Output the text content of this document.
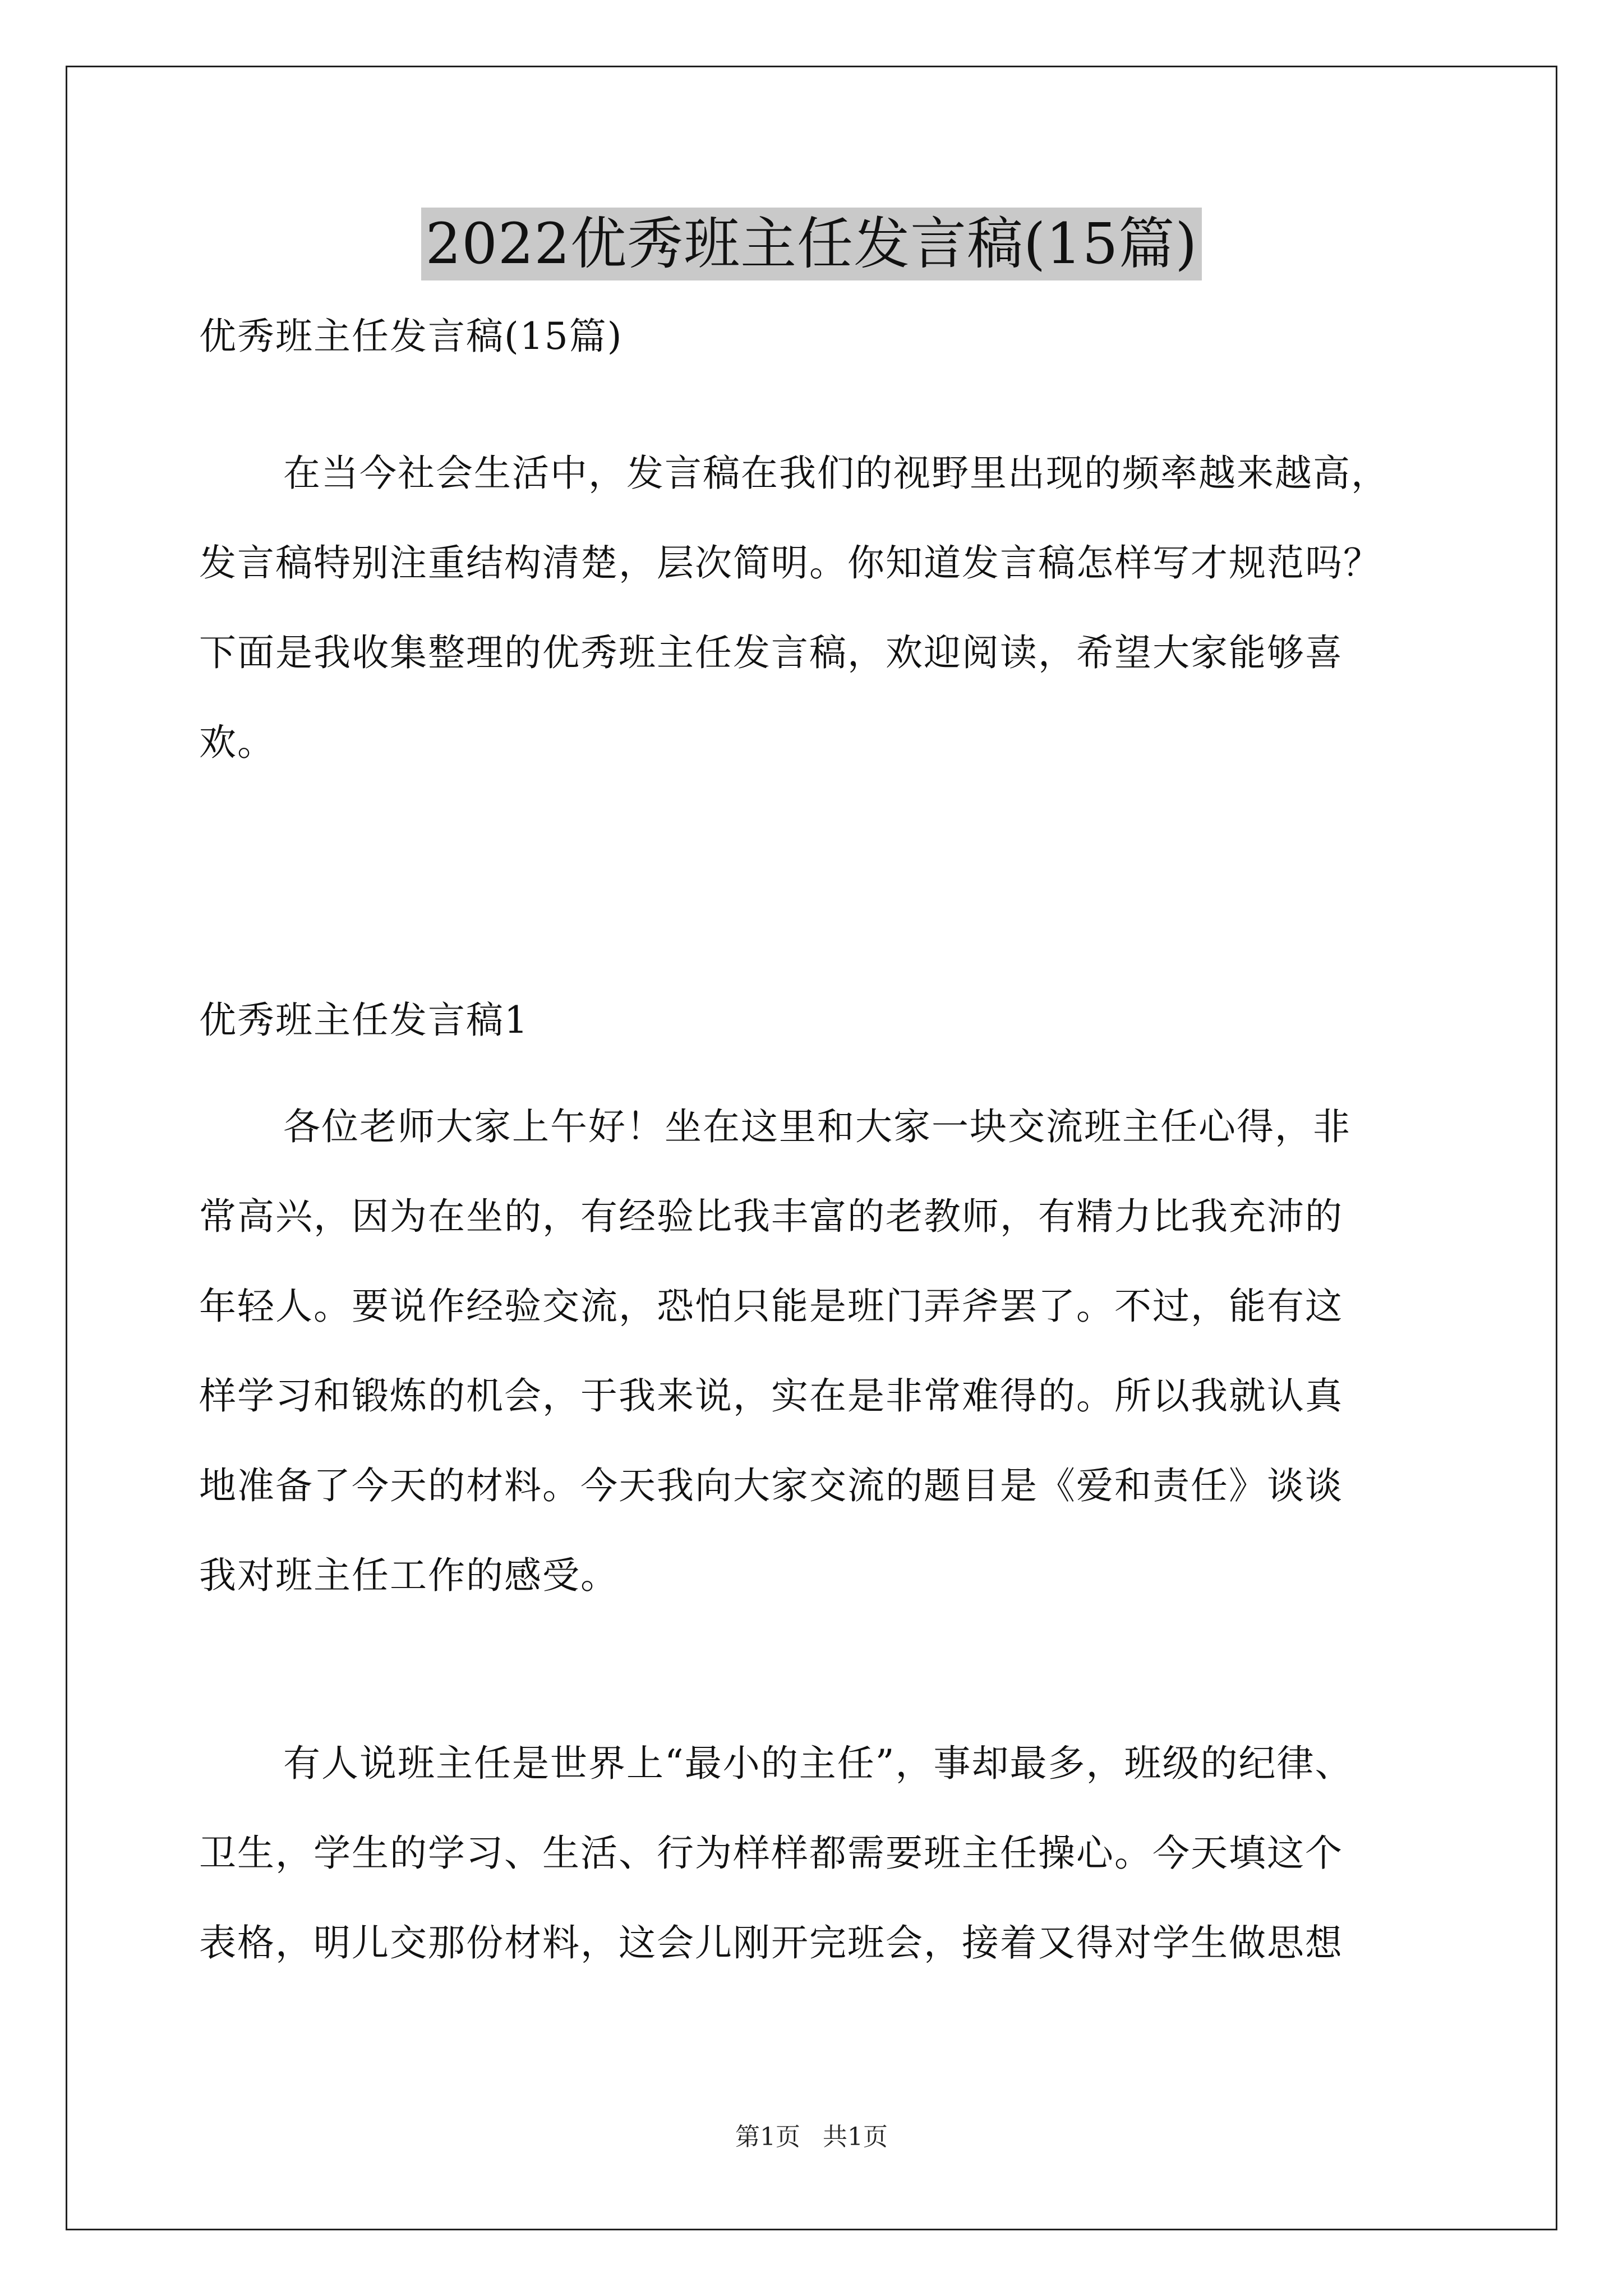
2022优秀班主任发言稿(15篇)
优秀班主任发言稿(15篇)
在当今社会生活中，发言稿在我们的视野里出现的频率越来越高，
发言稿特别注重结构清楚，层次简明。你知道发言稿怎样写才规范吗？
下面是我收集整理的优秀班主任发言稿，欢迎阅读，希望大家能够喜
欢。
优秀班主任发言稿1
各位老师大家上午好！坐在这里和大家一块交流班主任心得，非
常高兴，因为在坐的，有经验比我丰富的老教师，有精力比我充沛的
年轻人。要说作经验交流，恐怕只能是班门弄斧罢了。不过，能有这
样学习和锻炼的机会，于我来说，实在是非常难得的。所以我就认真
地准备了今天的材料。今天我向大家交流的题目是《爱和责任》谈谈
我对班主任工作的感受。
有人说班主任是世界上“最小的主任”，事却最多，班级的纪律、
卫生，学生的学习、生活、行为样样都需要班主任操心。今天填这个
表格，明儿交那份材料，这会儿刚开完班会，接着又得对学生做思想
第1页 共1页
